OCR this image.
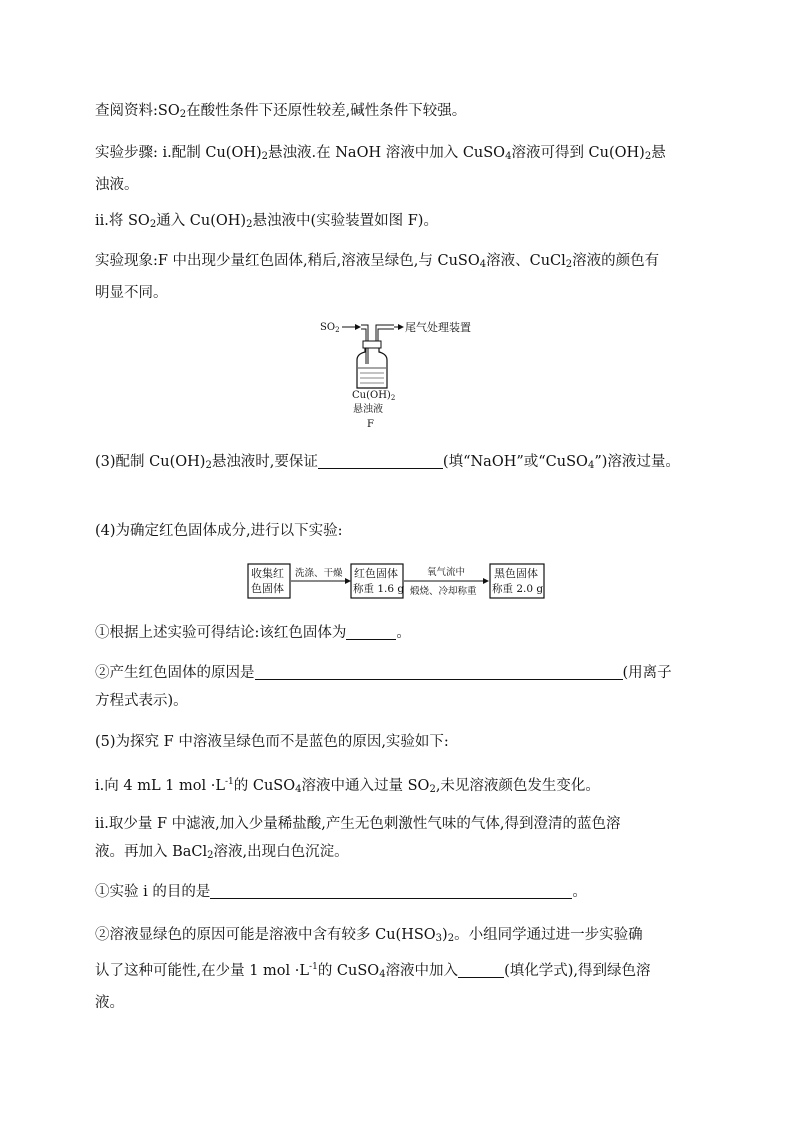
查阅资料$:SO_2$在酸性条件下还原性较差,碱性条件下较强。
实验步骤: ⅰ.配制 $Cu(OH)_2$悬浊液.在 NaOH 溶液中加入 CuSO$_4$溶液可得到 $Cu(OH)_2$悬
浊液。
ⅱ.将 $SO_2$通入 $Cu(OH)_2$悬浊液中(实验装置如图 F)。
实验现象:F 中出现少量红色固体,稍后,溶液呈绿色,与 CuSO$_4$溶液、CuCl$_2$溶液的颜色有
明显不同。
$SO_2$	尾气处理装置
$Cu(OH)_2$
悬浊液
F
(3)配制 $Cu(OH)_2$悬浊液时,要保证	(填“NaOH”或“CuSO$_4$”)溶液过量。
(4)为确定红色固体成分,进行以下实验:
收集红
色固体
洗涤、干燥 红色固体
称重 1.6 g
氧气流中
煅烧、冷却称重
黑色固体
称重 2.0 g
①根据上述实验可得结论:该红色固体为	。
②产生红色固体的原因是	(用离子
方程式表示)。
(5)为探究 F 中溶液呈绿色而不是蓝色的原因,实验如下:
ⅰ.向 4 mL 1 mol $\cdot L^{-1}$的 CuSO$_4$溶液中通入过量 $SO_2$,未见溶液颜色发生变化。
ⅱ.取少量 F 中滤液,加入少量稀盐酸,产生无色刺激性气味的气体,得到澄清的蓝色溶
液。再加入 BaCl$_2$溶液,出现白色沉淀。
①实验 ⅰ 的目的是	。
②溶液显绿色的原因可能是溶液中含有较多 $Cu(HSO_3)_2$。小组同学通过进一步实验确
认了这种可能性,在少量 1 mol $\cdot L^{-1}$的 CuSO$_4$溶液中加入	(填化学式),得到绿色溶
液。
